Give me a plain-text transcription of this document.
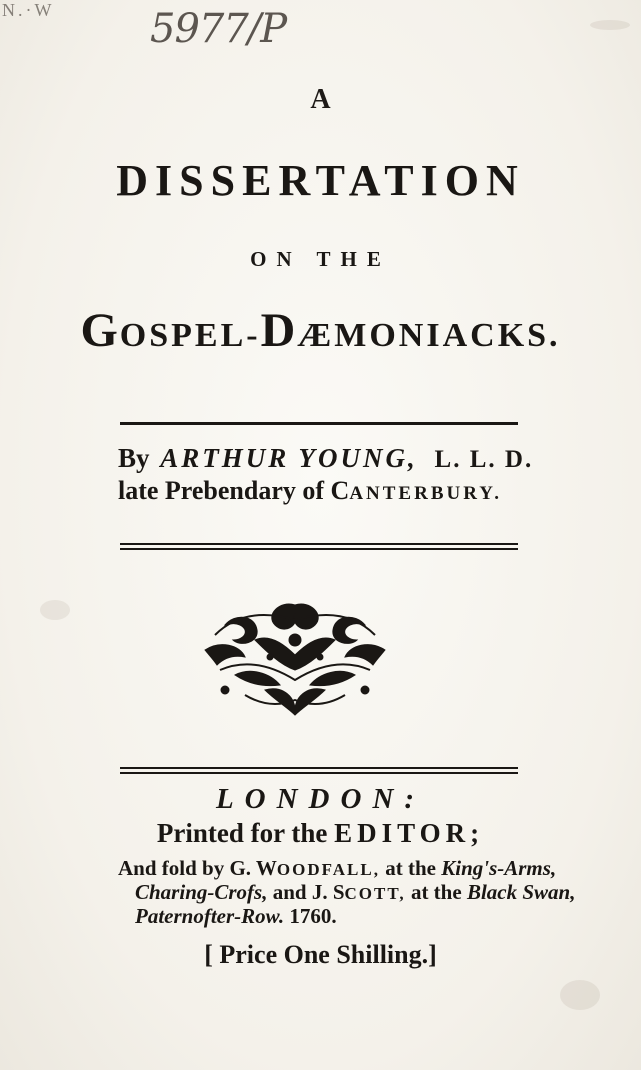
N.·W 5977/P
A
DISSERTATION
ON THE
GOSPEL-DÆMONIACKS.
By ARTHUR YOUNG, L. L. D.
late Prebendary of CANTERBURY.
LONDON:
Printed for the EDITOR;
And fold by G. WOODFALL, at the King's-Arms,
Charing-Crofs, and J. SCOTT, at the Black Swan,
Paternofter-Row. 1760.
[ Price One Shilling.]
